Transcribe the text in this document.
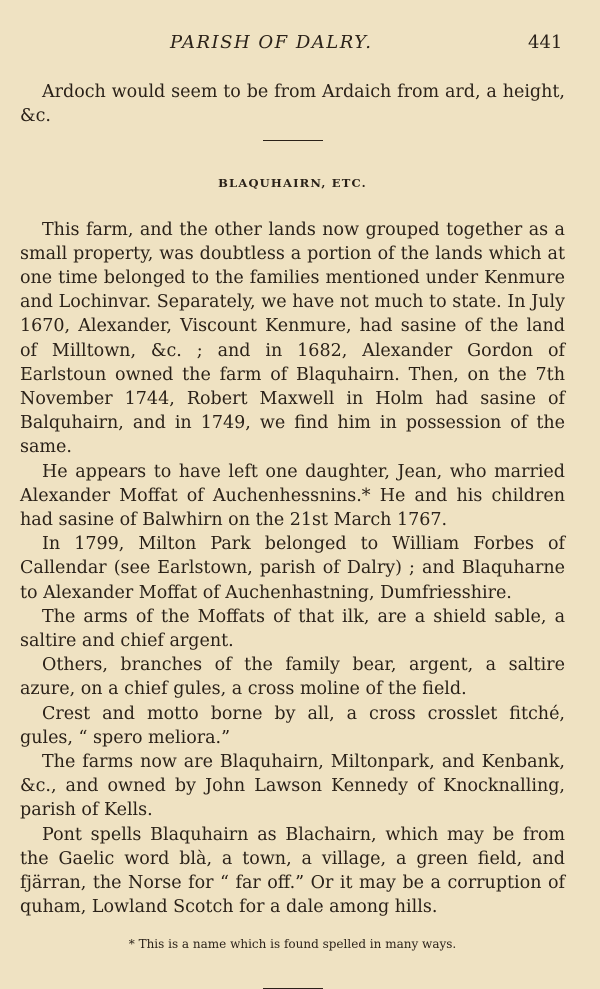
PARISH OF DALRY.	441

Ardoch would seem to be from Ardaich from ard, a height, &c.

BLAQUHAIRN, ETC.

This farm, and the other lands now grouped together as a small property, was doubtless a portion of the lands which at one time belonged to the families mentioned under Kenmure and Lochinvar. Separately, we have not much to state. In July 1670, Alexander, Viscount Kenmure, had sasine of the land of Milltown, &c. ; and in 1682, Alexander Gordon of Earlstoun owned the farm of Blaquhairn. Then, on the 7th November 1744, Robert Maxwell in Holm had sasine of Balquhairn, and in 1749, we find him in possession of the same.

He appears to have left one daughter, Jean, who married Alexander Moffat of Auchenhessnins.* He and his children had sasine of Balwhirn on the 21st March 1767.

In 1799, Milton Park belonged to William Forbes of Callendar (see Earlstown, parish of Dalry) ; and Blaquharne to Alexander Moffat of Auchenhastning, Dumfriesshire.

The arms of the Moffats of that ilk, are a shield sable, a saltire and chief argent.

Others, branches of the family bear, argent, a saltire azure, on a chief gules, a cross moline of the field.

Crest and motto borne by all, a cross crosslet fitché, gules, “ spero meliora.”

The farms now are Blaquhairn, Miltonpark, and Kenbank, &c., and owned by John Lawson Kennedy of Knocknalling, parish of Kells.

Pont spells Blaquhairn as Blachairn, which may be from the Gaelic word blà, a town, a village, a green field, and fjärran, the Norse for “ far off.” Or it may be a corruption of quham, Lowland Scotch for a dale among hills.

* This is a name which is found spelled in many ways.
